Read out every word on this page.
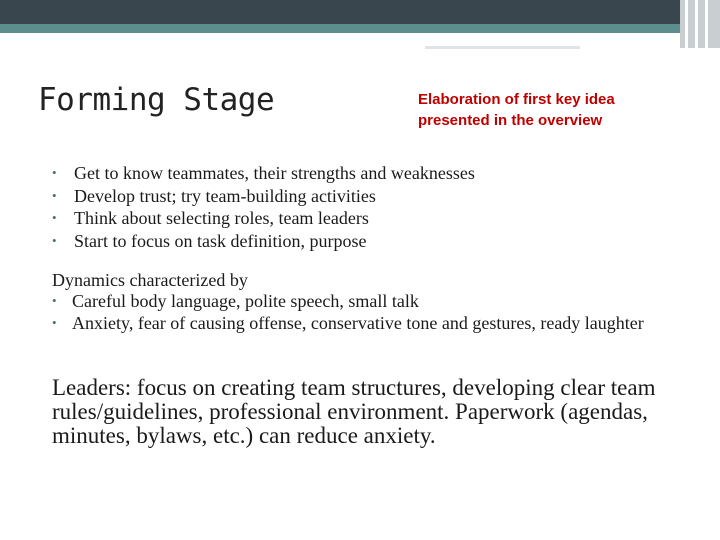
Forming Stage	Elaboration of first key idea
presented in the overview
• Get to know teammates, their strengths and weaknesses
• Develop trust; try team-building activities
• Think about selecting roles, team leaders
• Start to focus on task definition, purpose
Dynamics characterized by
• Careful body language, polite speech, small talk
• Anxiety, fear of causing offense, conservative tone and gestures, ready laughter

Leaders: focus on creating team structures, developing clear team rules/guidelines, professional environment. Paperwork (agendas, minutes, bylaws, etc.) can reduce anxiety.
